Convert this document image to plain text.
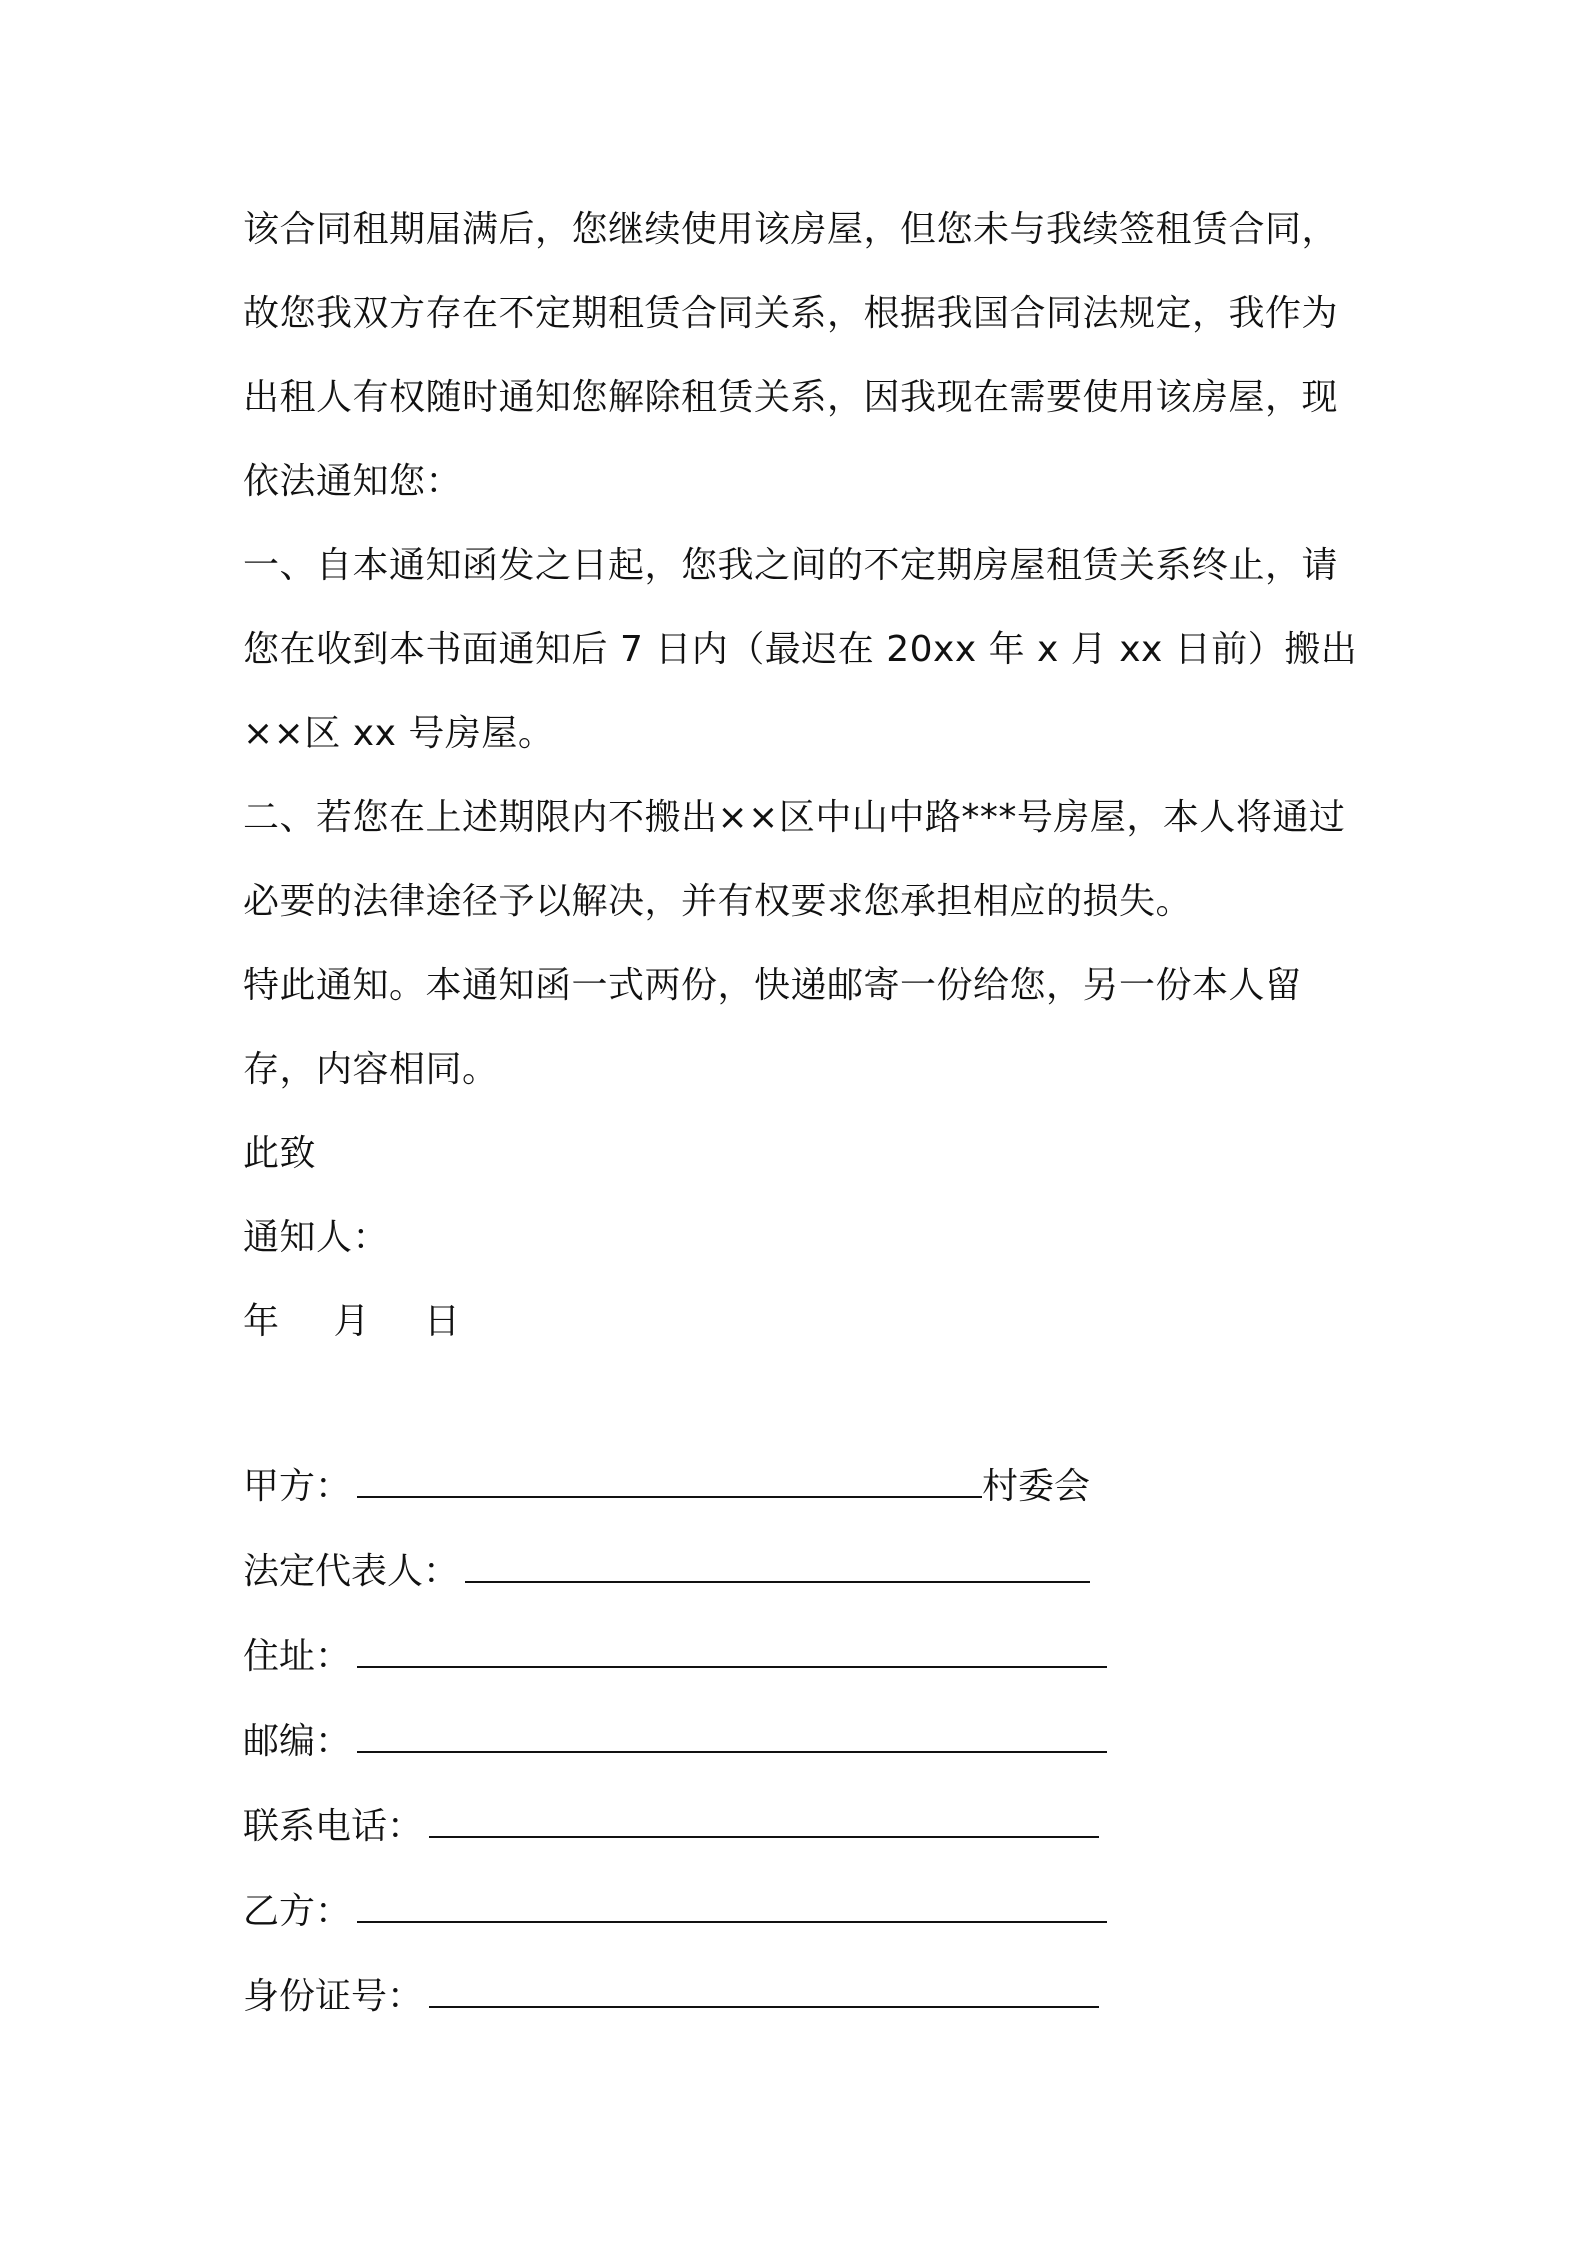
该合同租期届满后，您继续使用该房屋，但您未与我续签租赁合同，故您我双方存在不定期租赁合同关系，根据我国合同法规定，我作为出租人有权随时通知您解除租赁关系，因我现在需要使用该房屋，现依法通知您：

一、自本通知函发之日起，您我之间的不定期房屋租赁关系终止，请您在收到本书面通知后 7 日内（最迟在 20xx 年 x 月 xx 日前）搬出××区 xx 号房屋。

二、若您在上述期限内不搬出××区中山中路***号房屋，本人将通过必要的法律途径予以解决，并有权要求您承担相应的损失。

特此通知。本通知函一式两份，快递邮寄一份给您，另一份本人留存，内容相同。

此致

通知人：

年 月 日

甲方：	村委会
法定代表人：
住址：
邮编：
联系电话：
乙方：
身份证号：
